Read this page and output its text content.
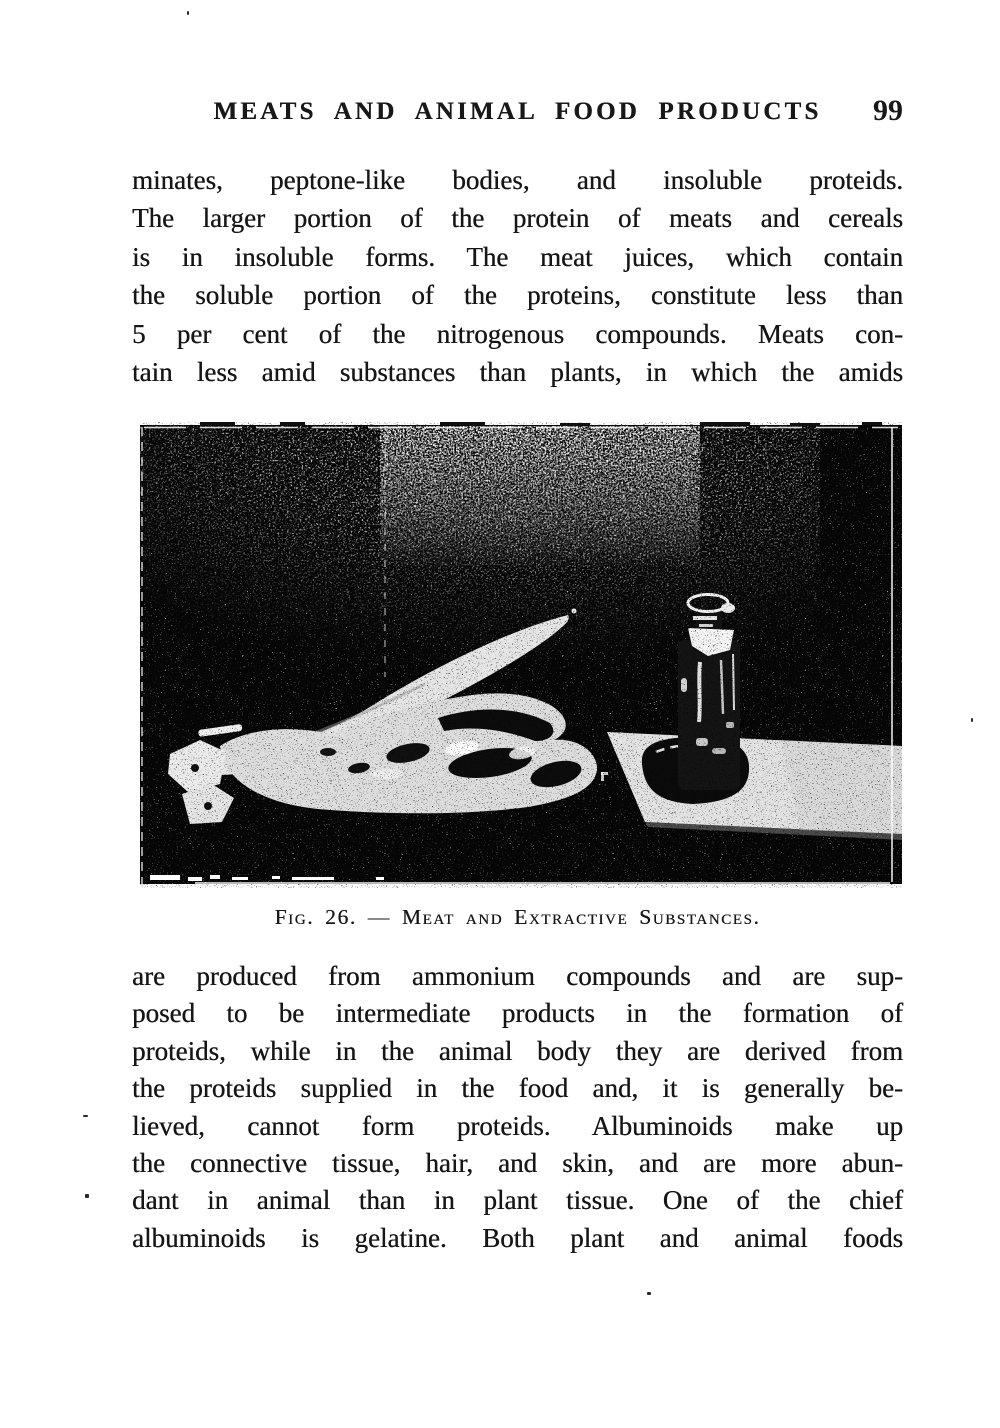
MEATS AND ANIMAL FOOD PRODUCTS	99
minates, peptone-like bodies, and insoluble proteids.
The larger portion of the protein of meats and cereals
is in insoluble forms. The meat juices, which contain
the soluble portion of the proteins, constitute less than
5 per cent of the nitrogenous compounds. Meats con-
tain less amid substances than plants, in which the amids
Fig. 26. — Meat and Extractive Substances.
are produced from ammonium compounds and are sup-
posed to be intermediate products in the formation of
proteids, while in the animal body they are derived from
the proteids supplied in the food and, it is generally be-
lieved, cannot form proteids. Albuminoids make up
the connective tissue, hair, and skin, and are more abun-
dant in animal than in plant tissue. One of the chief
albuminoids is gelatine. Both plant and animal foods
